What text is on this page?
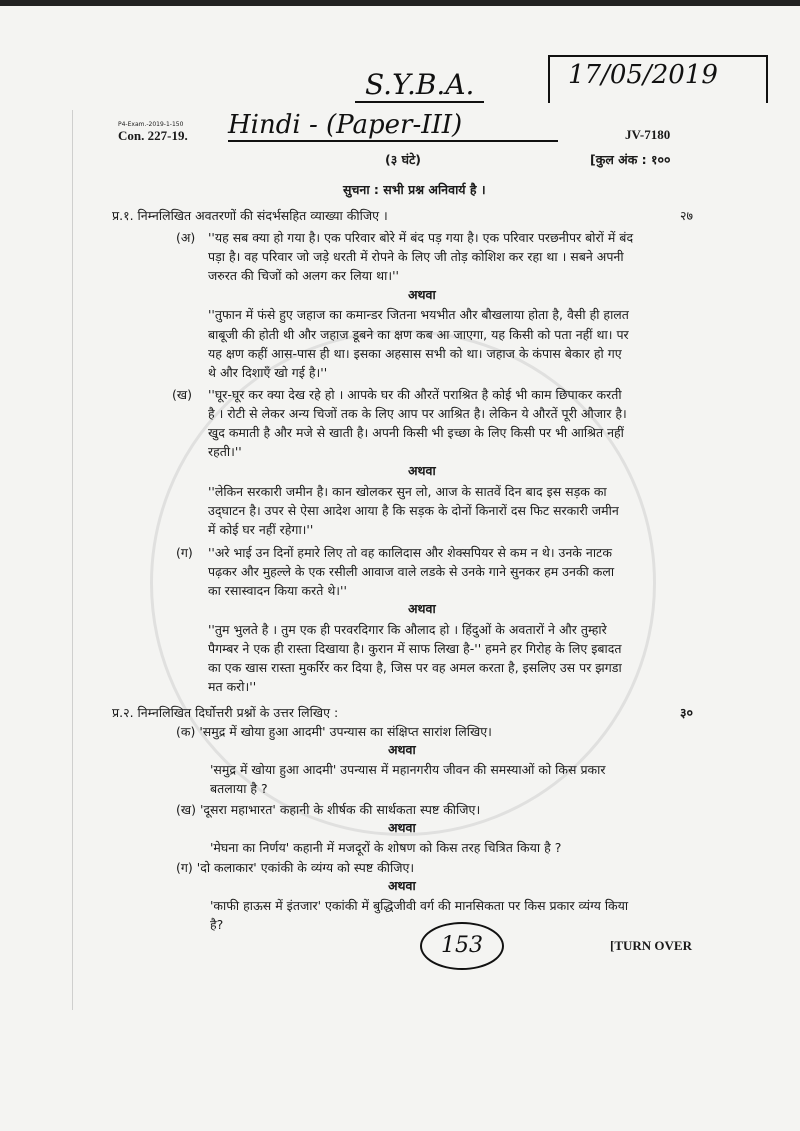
S.Y.B.A.	17/05/2019
P4-Exam.-2019-1-150
Con. 227-19. Hindi - (Paper-III)	JV-7180
(३ घंटे)	[कुल अंक : १००
सुचना : सभी प्रश्न अनिवार्य है ।
प्र.१. निम्नलिखित अवतरणों की संदर्भसहित व्याख्या कीजिए ।	२७
(अ) ''यह सब क्या हो गया है। एक परिवार बोरे में बंद पड़ गया है। एक परिवार परछनीपर बोरों में बंद
पड़ा है। वह परिवार जो जड़े धरती में रोपने के लिए जी तोड़ कोशिश कर रहा था । सबने अपनी
जरुरत की चिजों को अलग कर लिया था।''
अथवा
''तुफान में फंसे हुए जहाज का कमान्डर जितना भयभीत और बौखलाया होता है, वैसी ही हालत
बाबूजी की होती थी और जहाज डूबने का क्षण कब आ जाएगा, यह किसी को पता नहीं था। पर
यह क्षण कहीं आस-पास ही था। इसका अहसास सभी को था। जहाज के कंपास बेकार हो गए
थे और दिशाएँ खो गई है।''
(ख) ''घूर-घूर कर क्या देख रहे हो । आपके घर की औरतें पराश्रित है कोई भी काम छिपाकर करती
है । रोटी से लेकर अन्य चिजों तक के लिए आप पर आश्रित है। लेकिन ये औरतें पूरी औजार है।
खुद कमाती है और मजे से खाती है। अपनी किसी भी इच्छा के लिए किसी पर भी आश्रित नहीं
रहती।''
अथवा
''लेकिन सरकारी जमीन है। कान खोलकर सुन लो, आज के सातवें दिन बाद इस सड़क का
उद्‌घाटन है। उपर से ऐसा आदेश आया है कि सड़क के दोनों किनारों दस फिट सरकारी जमीन
में कोई घर नहीं रहेगा।''
(ग) ''अरे भाई उन दिनों हमारे लिए तो वह कालिदास और शेक्सपियर से कम न थे। उनके नाटक
पढ़कर और मुहल्ले के एक रसीली आवाज वाले लडके से उनके गाने सुनकर हम उनकी कला
का रसास्वादन किया करते थे।''
अथवा
''तुम भुलते है । तुम एक ही परवरदिगार कि औलाद हो । हिंदुओं के अवतारों ने और तुम्हारे
पैगम्बर ने एक ही रास्ता दिखाया है। कुरान में साफ लिखा है-'' हमने हर गिरोह के लिए इबादत
का एक खास रास्ता मुकर्रिर कर दिया है, जिस पर वह अमल करता है, इसलिए उस पर झगडा
मत करो।''
प्र.२. निम्नलिखित दिर्घोत्तरी प्रश्नों के उत्तर लिखिए :	३०
(क) 'समुद्र में खोया हुआ आदमी' उपन्यास का संक्षिप्त सारांश लिखिए।
अथवा
'समुद्र में खोया हुआ आदमी' उपन्यास में महानगरीय जीवन की समस्याओं को किस प्रकार
बतलाया है ?
(ख) 'दूसरा महाभारत' कहानी के शीर्षक की सार्थकता स्पष्ट कीजिए।
अथवा
'मेघना का निर्णय' कहानी में मजदूरों के शोषण को किस तरह चित्रित किया है ?
(ग) 'दो कलाकार' एकांकी के व्यंग्य को स्पष्ट कीजिए।
अथवा
'काफी हाऊस में इंतजार' एकांकी में बुद्धिजीवी वर्ग की मानसिकता पर किस प्रकार व्यंग्य किया
है?
153	[TURN OVER
